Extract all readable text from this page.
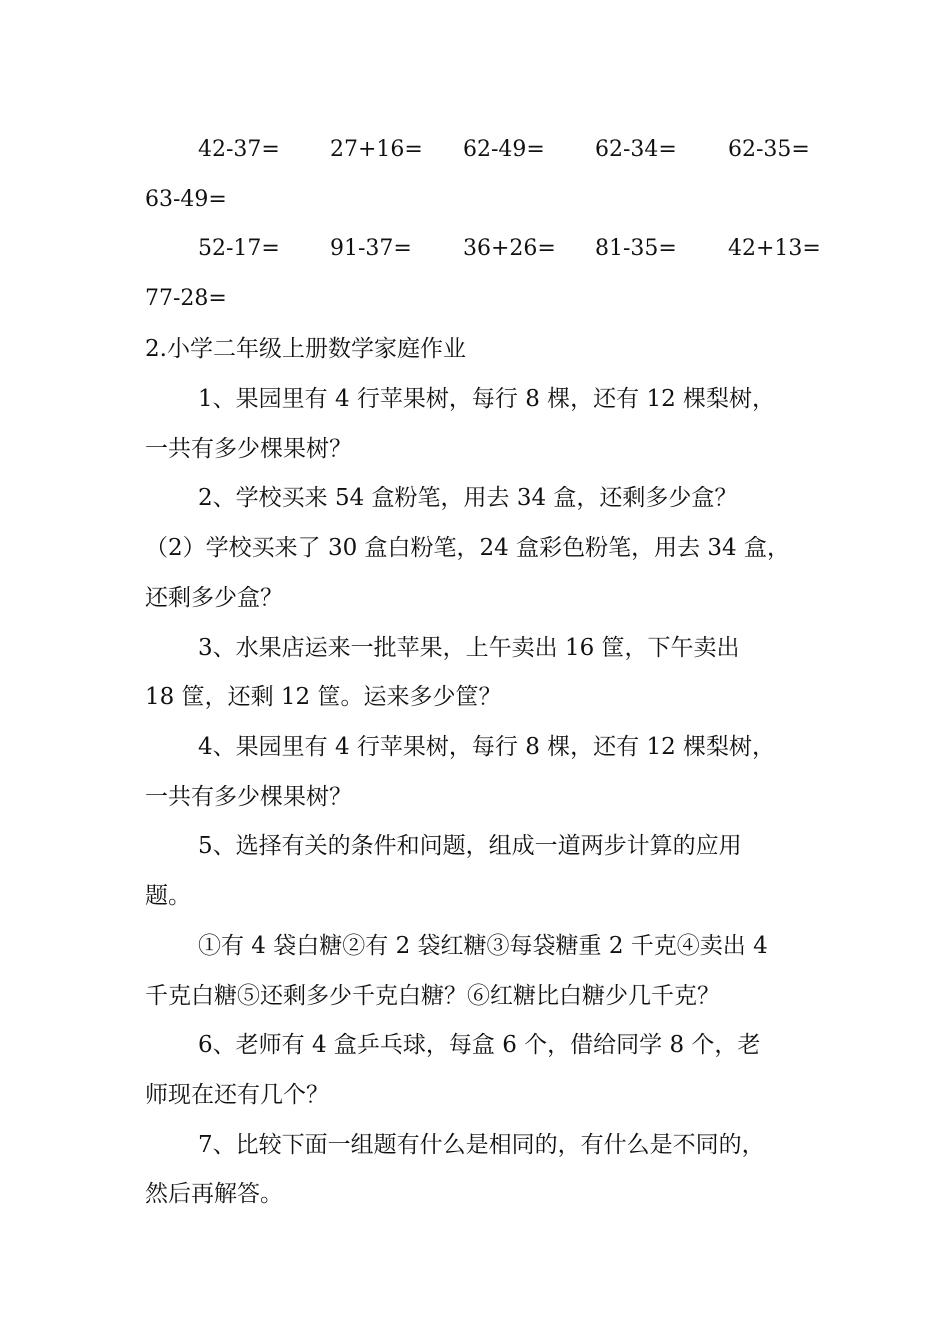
42-37= 27+16= 62-49= 62-34= 62-35=
63-49=
52-17= 91-37= 36+26= 81-35= 42+13=
77-28=
2.小学二年级上册数学家庭作业
1、果园里有 4 行苹果树，每行 8 棵，还有 12 棵梨树，
一共有多少棵果树？
2、学校买来 54 盒粉笔，用去 34 盒，还剩多少盒？
（2）学校买来了 30 盒白粉笔，24 盒彩色粉笔，用去 34 盒，
还剩多少盒？
3、水果店运来一批苹果，上午卖出 16 筐，下午卖出
18 筐，还剩 12 筐。运来多少筐？
4、果园里有 4 行苹果树，每行 8 棵，还有 12 棵梨树，
一共有多少棵果树？
5、选择有关的条件和问题，组成一道两步计算的应用
题。
①有 4 袋白糖②有 2 袋红糖③每袋糖重 2 千克④卖出 4
千克白糖⑤还剩多少千克白糖？⑥红糖比白糖少几千克？
6、老师有 4 盒乒乓球，每盒 6 个，借给同学 8 个，老
师现在还有几个？
7、比较下面一组题有什么是相同的，有什么是不同的，
然后再解答。
